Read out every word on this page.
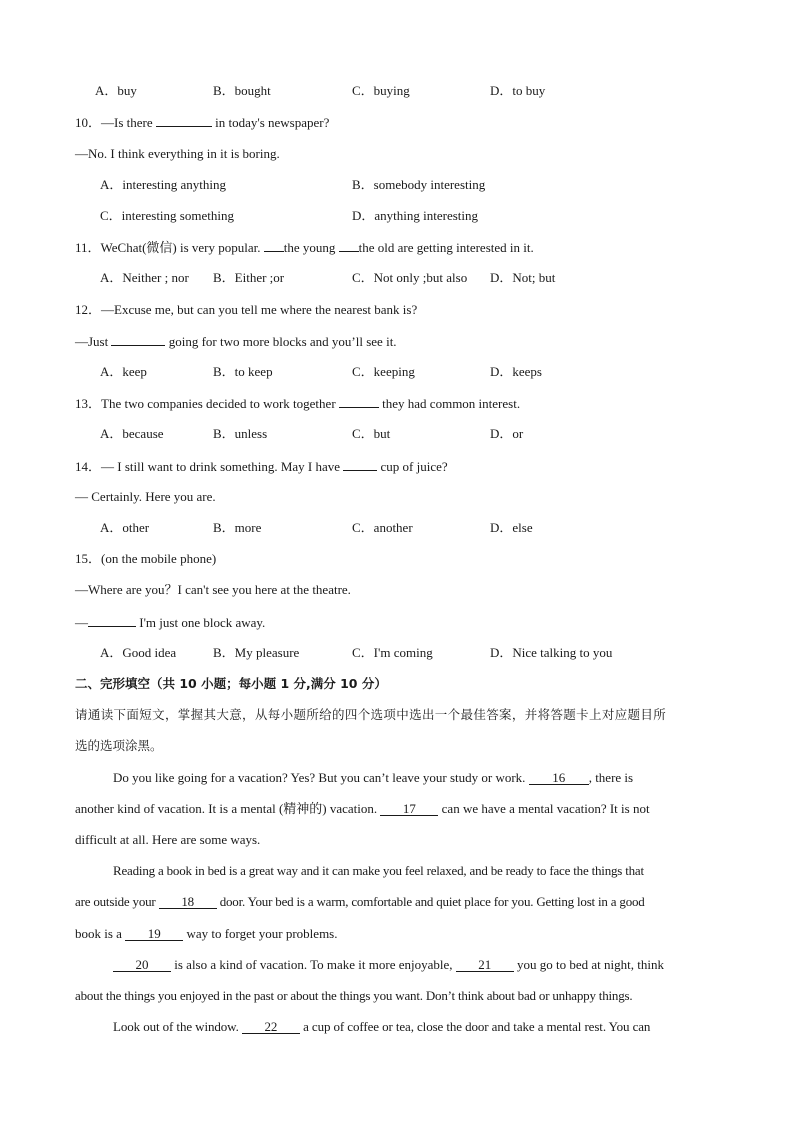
A．buy	B．bought	C．buying	D．to buy
10．—Is there	in today's newspaper?
—No. I think everything in it is boring.
A．interesting anything	B．somebody interesting
C．interesting something	D．anything interesting
11．WeChat(微信) is very popular. the young the old are getting interested in it.
A．Neither ; nor B．Either ;or	C．Not only ;but also D．Not; but
12．—Excuse me, but can you tell me where the nearest bank is?
—Just	going for two more blocks and you’ll see it.
A．keep	B．to keep	C．keeping	D．keeps
13．The two companies decided to work together	they had common interest.
A．because	B．unless	C．but	D．or
14．— I still want to drink something. May I have	cup of juice?
— Certainly. Here you are.
A．other	B．more	C．another	D．else
15．(on the mobile phone)
—Where are you？I can't see you here at the theatre.
—	I'm just one block away.
A．Good idea	B．My pleasure	C．I'm coming	D．Nice talking to you
二、完形填空（共 10 小题；每小题 1 分,满分 10 分）
请通读下面短文，掌握其大意，从每小题所给的四个选项中选出一个最佳答案，并将答题卡上对应题目所
选的选项涂黑。
Do you like going for a vacation? Yes? But you can’t leave your study or work. 16 , there is
another kind of vacation. It is a mental (精神的) vacation. 17 can we have a mental vacation? It is not
difficult at all. Here are some ways.
Reading a book in bed is a great way and it can make you feel relaxed, and be ready to face the things that
are outside your 18 door. Your bed is a warm, comfortable and quiet place for you. Getting lost in a good
book is a 19 way to forget your problems.
20 is also a kind of vacation. To make it more enjoyable, 21 you go to bed at night, think
about the things you enjoyed in the past or about the things you want. Don’t think about bad or unhappy things.
Look out of the window. 22 a cup of coffee or tea, close the door and take a mental rest. You can
